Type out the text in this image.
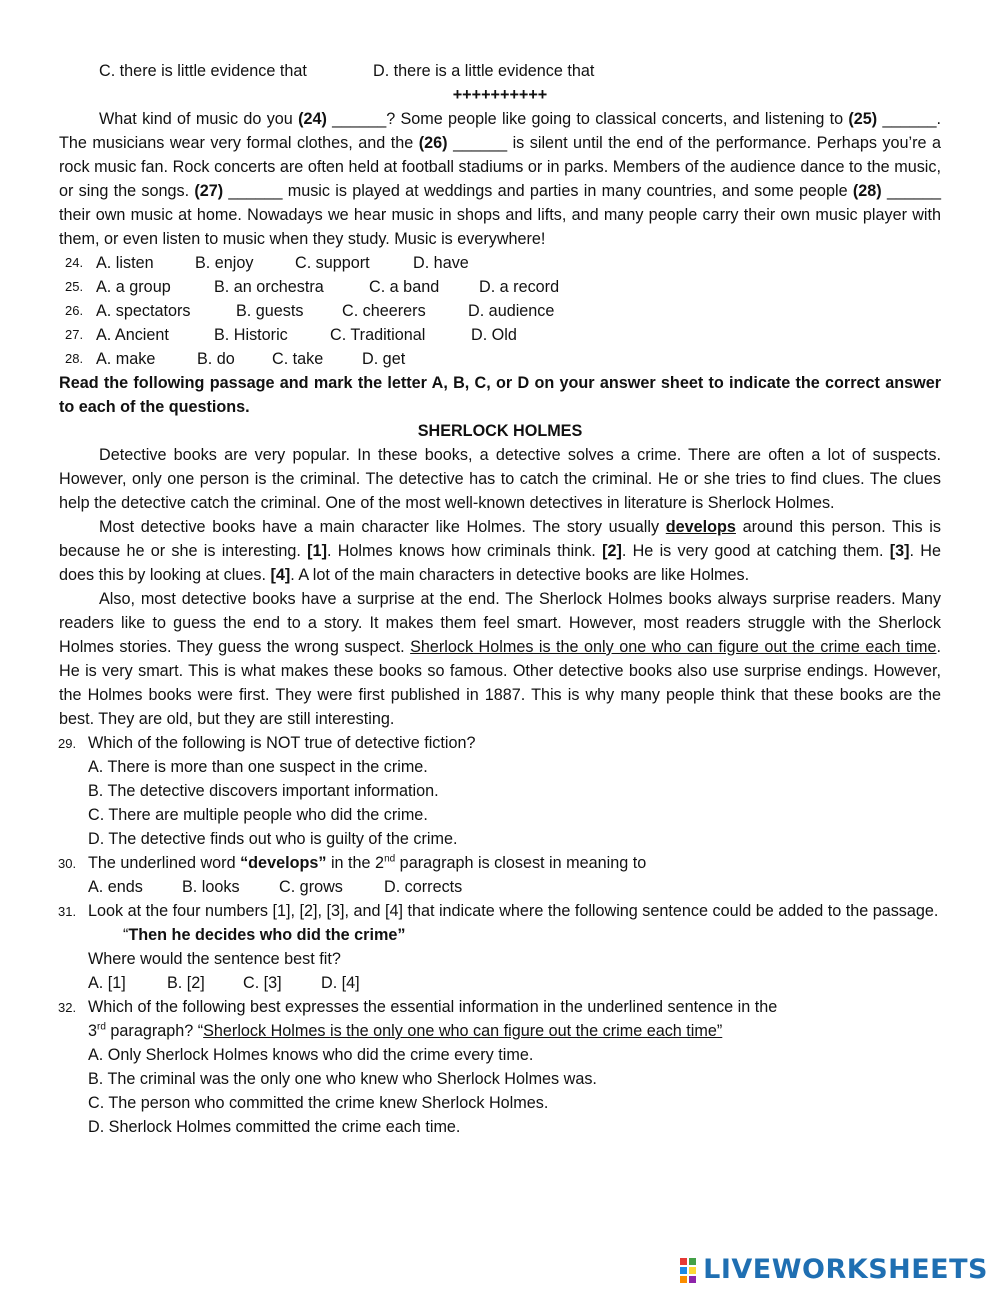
C. there is little evidence that	D. there is a little evidence that
++++++++++
What kind of music do you (24) ______? Some people like going to classical concerts, and listening to (25) ______. The musicians wear very formal clothes, and the (26) ______ is silent until the end of the performance. Perhaps you’re a rock music fan. Rock concerts are often held at football stadiums or in parks. Members of the audience dance to the music, or sing the songs. (27) ______ music is played at weddings and parties in many countries, and some people (28) ______ their own music at home. Nowadays we hear music in shops and lifts, and many people carry their own music player with them, or even listen to music when they study. Music is everywhere!
24. A. listen	B. enjoy	C. support	D. have
25. A. a group	B. an orchestra	C. a band D. a record
26. A. spectators	B. guests C. cheerers	D. audience
27. A. Ancient	B. Historic	C. Traditional	D. Old
28. A. make	B. do C. take D. get
Read the following passage and mark the letter A, B, C, or D on your answer sheet to indicate the correct answer to each of the questions.
SHERLOCK HOLMES
Detective books are very popular. In these books, a detective solves a crime. There are often a lot of suspects. However, only one person is the criminal. The detective has to catch the criminal. He or she tries to find clues. The clues help the detective catch the criminal. One of the most well-known detectives in literature is Sherlock Holmes.
Most detective books have a main character like Holmes. The story usually develops around this person. This is because he or she is interesting. [1]. Holmes knows how criminals think. [2]. He is very good at catching them. [3]. He does this by looking at clues. [4]. A lot of the main characters in detective books are like Holmes.
Also, most detective books have a surprise at the end. The Sherlock Holmes books always surprise readers. Many readers like to guess the end to a story. It makes them feel smart. However, most readers struggle with the Sherlock Holmes stories. They guess the wrong suspect. Sherlock Holmes is the only one who can figure out the crime each time. He is very smart. This is what makes these books so famous. Other detective books also use surprise endings. However, the Holmes books were first. They were first published in 1887. This is why many people think that these books are the best. They are old, but they are still interesting.
29. Which of the following is NOT true of detective fiction?
A. There is more than one suspect in the crime.
B. The detective discovers important information.
C. There are multiple people who did the crime.
D. The detective finds out who is guilty of the crime.
30. The underlined word “develops” in the 2nd paragraph is closest in meaning to
A. ends B. looks C. grows	D. corrects
31. Look at the four numbers [1], [2], [3], and [4] that indicate where the following sentence could be added to the passage.
“Then he decides who did the crime”
Where would the sentence best fit?
A. [1]	B. [2] C. [3] D. [4]
32. Which of the following best expresses the essential information in the underlined sentence in the
3rd paragraph? “Sherlock Holmes is the only one who can figure out the crime each time”
A. Only Sherlock Holmes knows who did the crime every time.
B. The criminal was the only one who knew who Sherlock Holmes was.
C. The person who committed the crime knew Sherlock Holmes.
D. Sherlock Holmes committed the crime each time.
LIVEWORKSHEETS
